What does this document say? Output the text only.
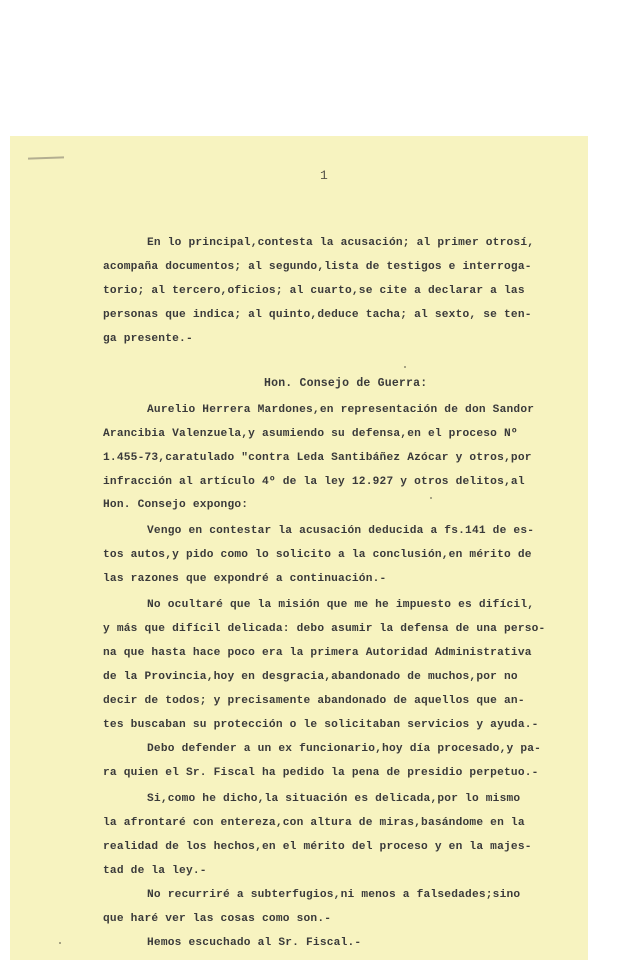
1
En lo principal,contesta la acusación; al primer otrosí,
acompaña documentos; al segundo,lista de testigos e interroga-
torio; al tercero,oficios; al cuarto,se cite a declarar a las
personas que indica; al quinto,deduce tacha; al sexto, se ten-
ga presente.-
Hon. Consejo de Guerra:
Aurelio Herrera Mardones,en representación de don Sandor
Arancibia Valenzuela,y asumiendo su defensa,en el proceso Nº
1.455-73,caratulado "contra Leda Santibáñez Azócar y otros,por
infracción al artículo 4º de la ley 12.927 y otros delitos,al
Hon. Consejo expongo:
Vengo en contestar la acusación deducida a fs.141 de es-
tos autos,y pido como lo solicito a la conclusión,en mérito de
las razones que expondré a continuación.-
No ocultaré que la misión que me he impuesto es difícil,
y más que difícil delicada: debo asumir la defensa de una perso-
na que hasta hace poco era la primera Autoridad Administrativa
de la Provincia,hoy en desgracia,abandonado de muchos,por no
decir de todos; y precisamente abandonado de aquellos que an-
tes buscaban su protección o le solicitaban servicios y ayuda.-
Debo defender a un ex funcionario,hoy día procesado,y pa-
ra quien el Sr. Fiscal ha pedido la pena de presidio perpetuo.-
Si,como he dicho,la situación es delicada,por lo mismo
la afrontaré con entereza,con altura de miras,basándome en la
realidad de los hechos,en el mérito del proceso y en la majes-
tad de la ley.-
No recurriré a subterfugios,ni menos a falsedades;sino
que haré ver las cosas como son.-
Hemos escuchado al Sr. Fiscal.-
